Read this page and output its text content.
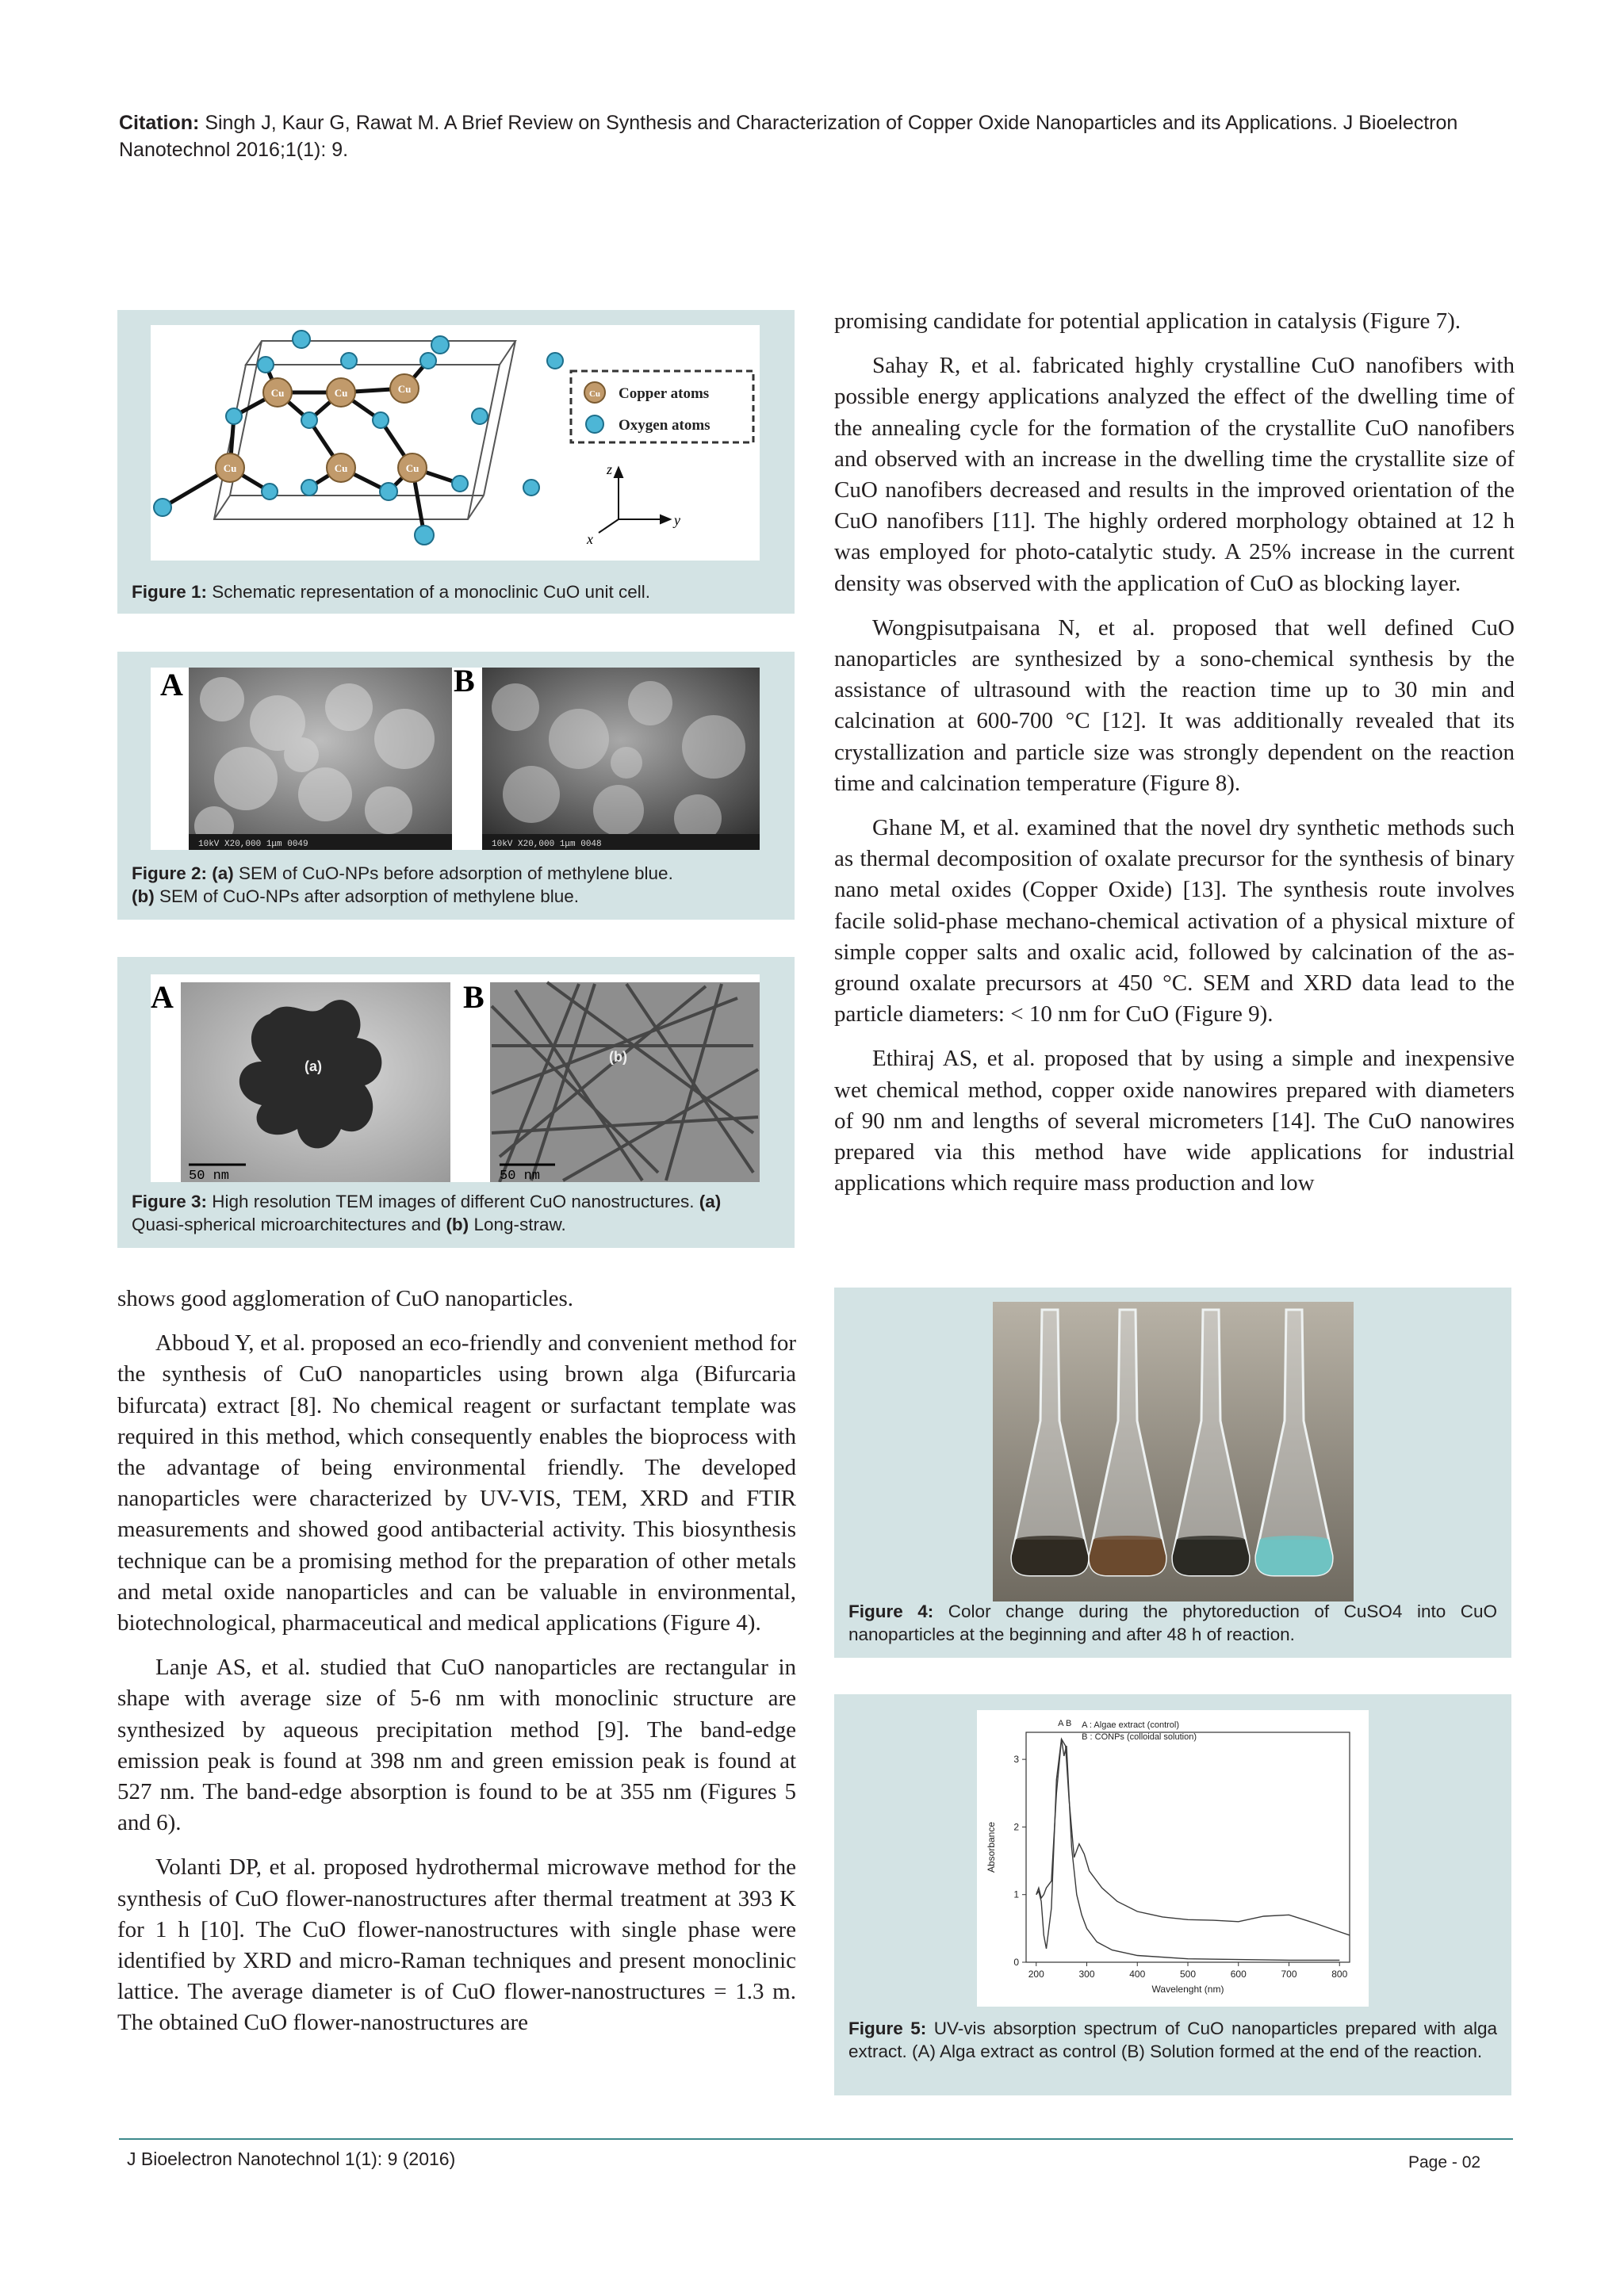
Citation: Singh J, Kaur G, Rawat M. A Brief Review on Synthesis and Characterization of Copper Oxide Nanoparticles and its Applications. J Bioelectron Nanotechnol 2016;1(1): 9.

promising candidate for potential application in catalysis (Figure 7).

Sahay R, et al. fabricated highly crystalline CuO nanofibers with possible energy applications analyzed the effect of the dwelling time of the annealing cycle for the formation of the crystallite CuO nanofibers and observed with an increase in the dwelling time the crystallite size of CuO nanofibers decreased and results in the improved orientation of the CuO nanofibers [11]. The highly ordered morphology obtained at 12 h was employed for photo-catalytic study. A 25% increase in the current density was observed with the application of CuO as blocking layer.

Wongpisutpaisana N, et al. proposed that well defined CuO nanoparticles are synthesized by a sono-chemical synthesis by the assistance of ultrasound with the reaction time up to 30 min and calcination at 600-700 °C [12]. It was additionally revealed that its crystallization and particle size was strongly dependent on the reaction time and calcination temperature (Figure 8).

Ghane M, et al. examined that the novel dry synthetic methods such as thermal decomposition of oxalate precursor for the synthesis of binary nano metal oxides (Copper Oxide) [13]. The synthesis route involves facile solid-phase mechano-chemical activation of a physical mixture of simple copper salts and oxalic acid, followed by calcination of the as-ground oxalate precursors at 450 °C. SEM and XRD data lead to the particle diameters: < 10 nm for CuO (Figure 9).

Ethiraj AS, et al. proposed that by using a simple and inexpensive wet chemical method, copper oxide nanowires prepared with diameters of 90 nm and lengths of several micrometers [14]. The CuO nanowires prepared via this method have wide applications for industrial applications which require mass production and low

shows good agglomeration of CuO nanoparticles.

Abboud Y, et al. proposed an eco-friendly and convenient method for the synthesis of CuO nanoparticles using brown alga (Bifurcaria bifurcata) extract [8]. No chemical reagent or surfactant template was required in this method, which consequently enables the bioprocess with the advantage of being environmental friendly. The developed nanoparticles were characterized by UV-VIS, TEM, XRD and FTIR measurements and showed good antibacterial activity. This biosynthesis technique can be a promising method for the preparation of other metals and metal oxide nanoparticles and can be valuable in environmental, biotechnological, pharmaceutical and medical applications (Figure 4).

Lanje AS, et al. studied that CuO nanoparticles are rectangular in shape with average size of 5-6 nm with monoclinic structure are synthesized by aqueous precipitation method [9]. The band-edge emission peak is found at 398 nm and green emission peak is found at 527 nm. The band-edge absorption is found to be at 355 nm (Figures 5 and 6).

Volanti DP, et al. proposed hydrothermal microwave method for the synthesis of CuO flower-nanostructures after thermal treatment at 393 K for 1 h [10]. The CuO flower-nanostructures with single phase were identified by XRD and micro-Raman techniques and present monoclinic lattice. The average diameter is of CuO flower-nanostructures = 1.3 m. The obtained CuO flower-nanostructures are

Cu	Cu	Cu
Cu	Cu	Cu
Cu Copper atoms
Oxygen atoms
z
y
x
Figure 1: Schematic representation of a monoclinic CuO unit cell.
10kV X20,000 1μm 0049	10kV X20,000 1μm 0048
A	B
Figure 2: (a) SEM of CuO-NPs before adsorption of methylene blue.
(b) SEM of CuO-NPs after adsorption of methylene blue.
(a)
50 nm
(b)
50 nm
A	B
Figure 3: High resolution TEM images of different CuO nanostructures. (a)
Quasi-spherical microarchitectures and (b) Long-straw.
Figure 4: Color change during the phytoreduction of CuSO4 into CuO nanoparticles at the beginning and after 48 h of reaction.
200	300	400	500	600	700	800
0
1
2
3
Wavelenght (nm)
Absorbance
A B A : Algae extract (control)
B : CONPs (colloidal solution)
Figure 5: UV-vis absorption spectrum of CuO nanoparticles prepared with alga extract. (A) Alga extract as control (B) Solution formed at the end of the reaction.
J Bioelectron Nanotechnol 1(1): 9 (2016)	Page - 02
